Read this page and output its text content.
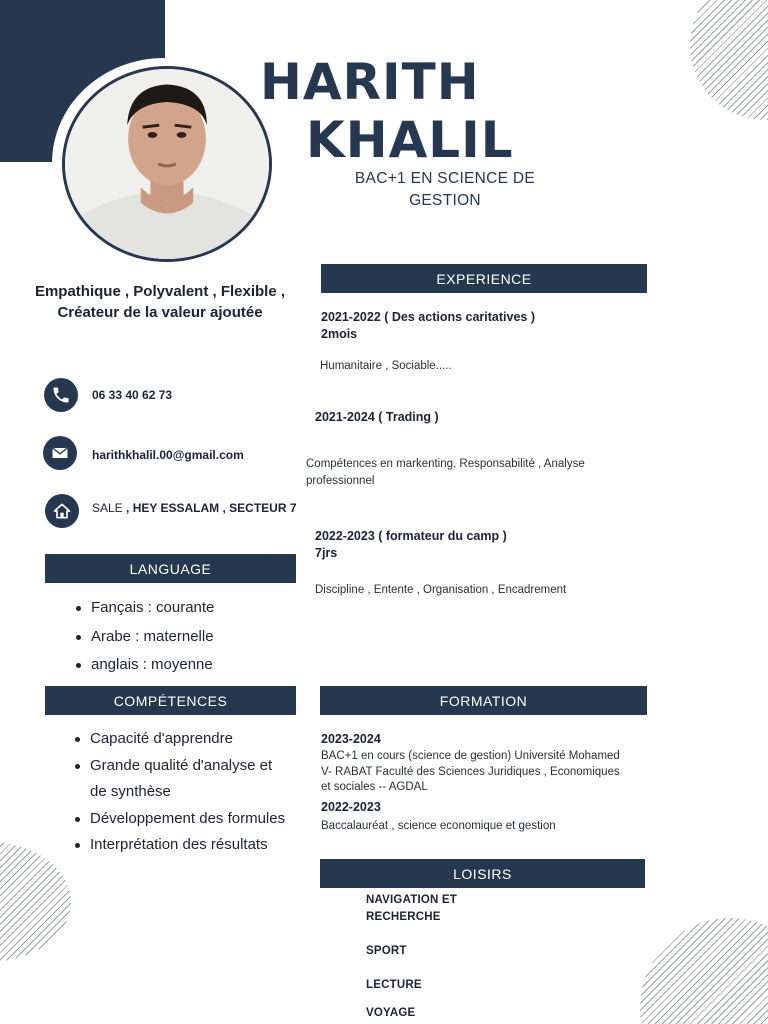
HARITH
KHALIL
BAC+1 EN SCIENCE DE
GESTION
Empathique , Polyvalent , Flexible , Créateur de la valeur ajoutée
06 33 40 62 73
harithkhalil.00@gmail.com
SALE , HEY ESSALAM , SECTEUR 7
LANGUAGE
Fançais : courante
Arabe : maternelle
anglais : moyenne
COMPÉTENCES
Capacité d'apprendre
Grande qualité d'analyse et de synthèse
Développement des formules
Interprétation des résultats
EXPERIENCE
2021-2022 ( Des actions caritatives )
2mois
Humanitaire , Sociable.....
2021-2024 ( Trading )
Compétences en markenting, Responsabilité , Analyse professionnel
2022-2023 ( formateur du camp )
7jrs
Discipline , Entente , Organisation , Encadrement
FORMATION
2023-2024
BAC+1 en cours (science de gestion) Université Mohamed V- RABAT Faculté des Sciences Juridiques , Economiques et sociales -- AGDAL
2022-2023
Baccalauréat , science economique et gestion
LOISIRS
NAVIGATION ET RECHERCHE
SPORT
LECTURE
VOYAGE
